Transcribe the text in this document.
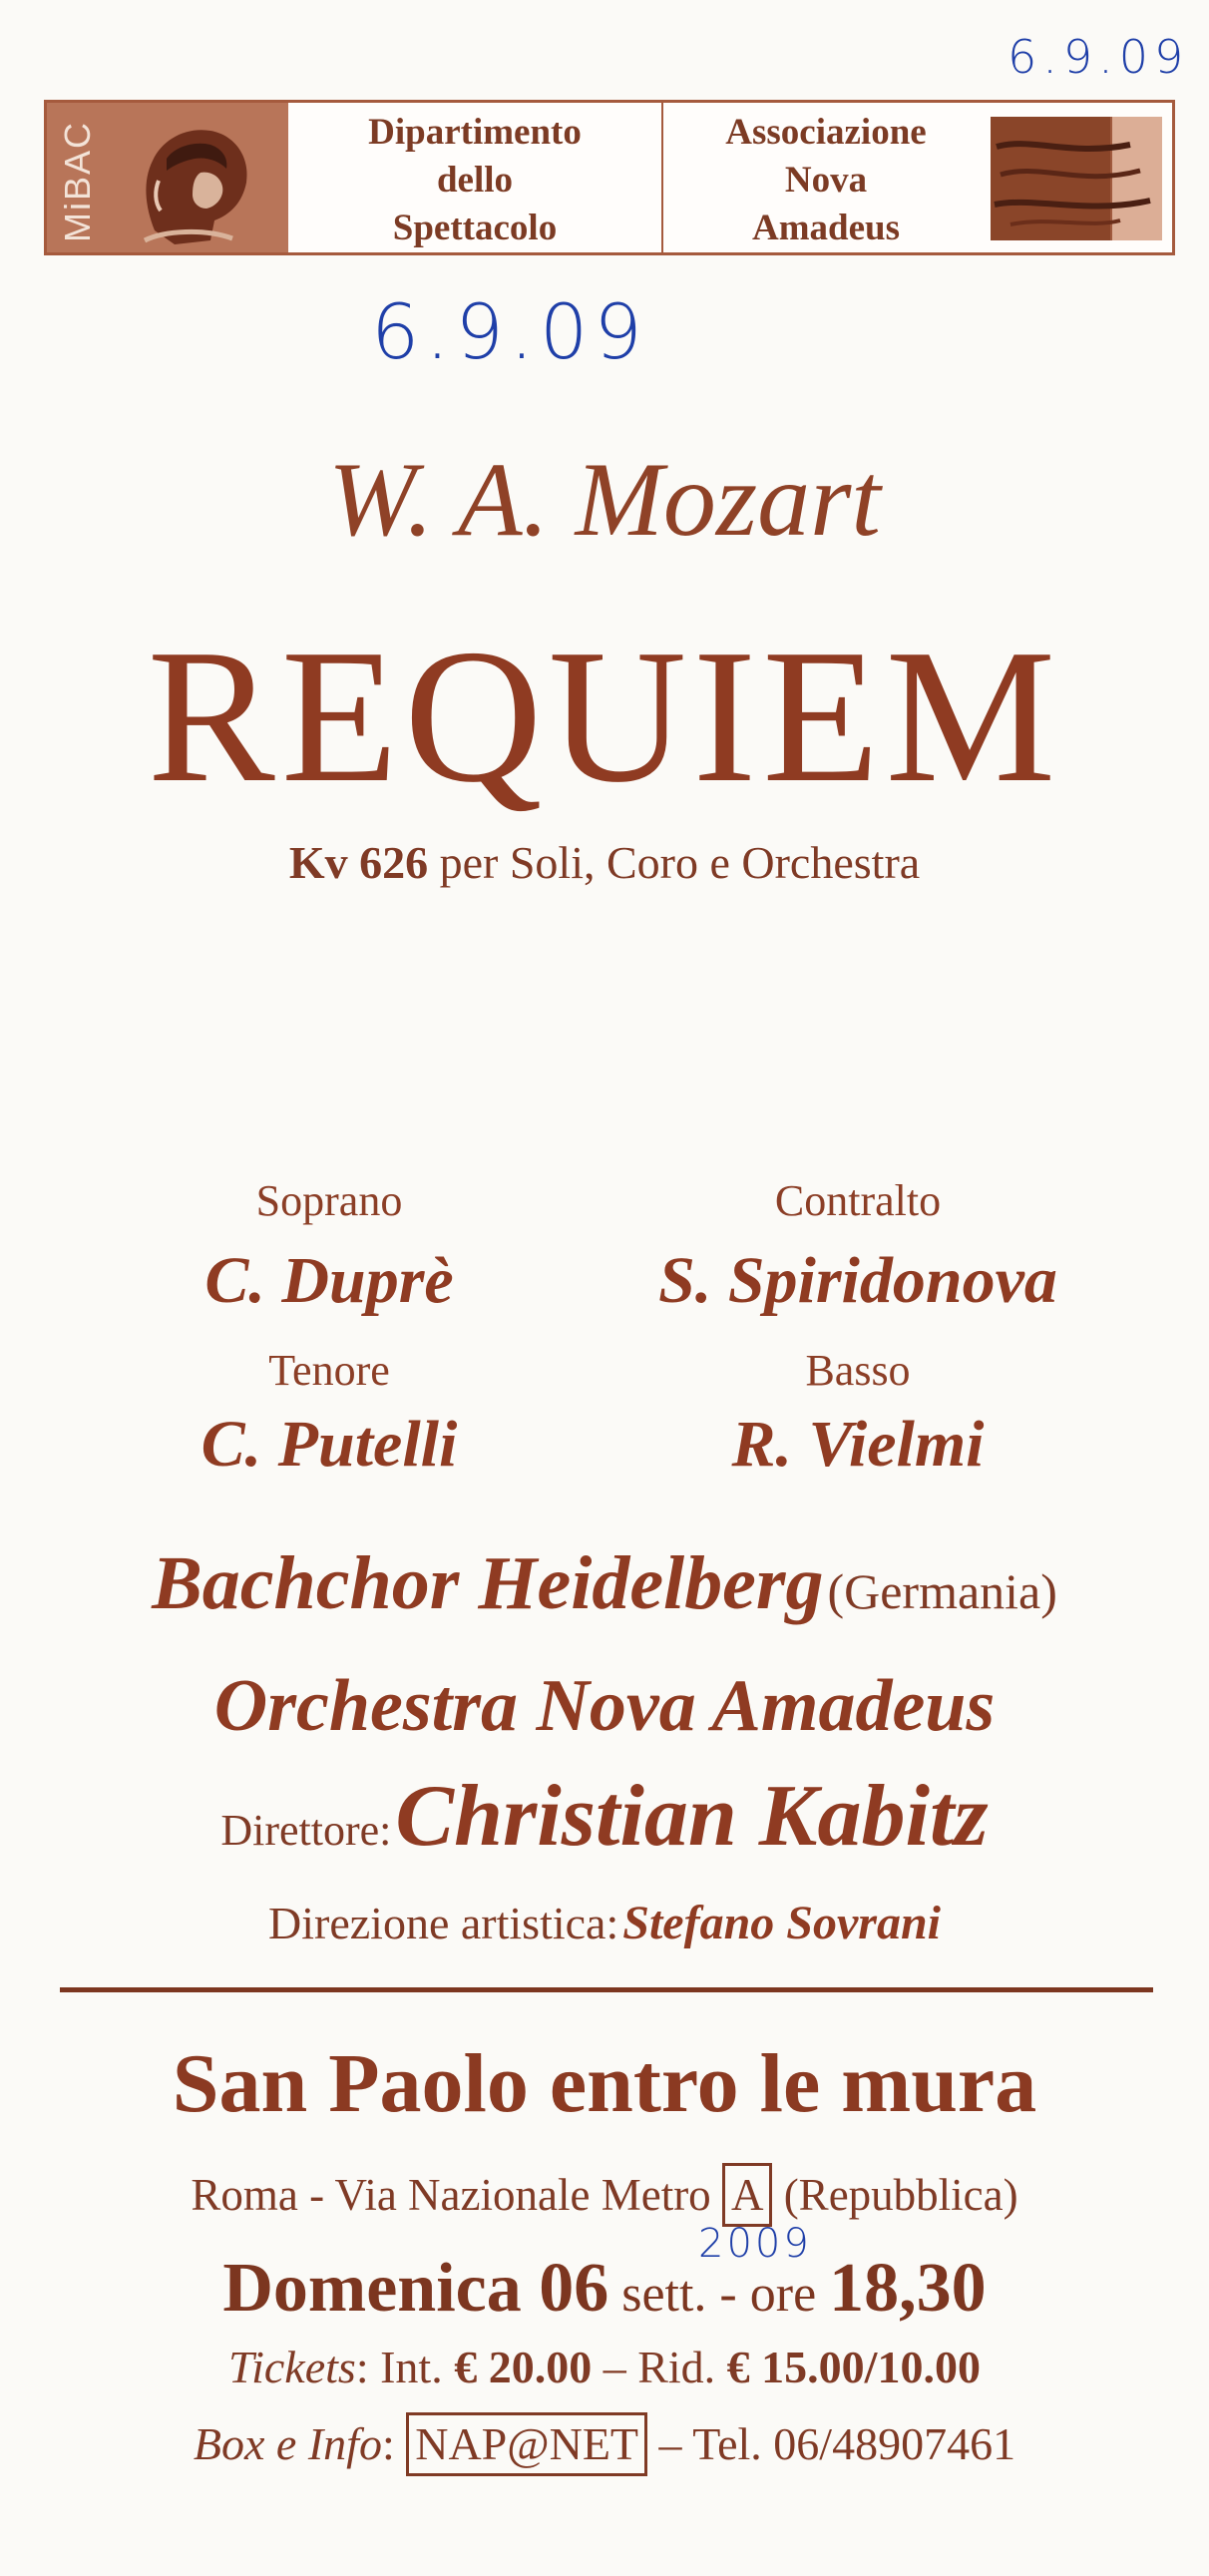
6.9.09
MiBAC	Dipartimento
dello
Spettacolo
Associazione
Nova
Amadeus
6.9.09
W. A. Mozart
REQUIEM
Kv 626 per Soli, Coro e Orchestra
Soprano
C. Duprè
Contralto
S. Spiridonova
Tenore
C. Putelli
Basso
R. Vielmi
Bachchor Heidelberg (Germania)
Orchestra Nova Amadeus
Direttore: Christian Kabitz
Direzione artistica: Stefano Sovrani
San Paolo entro le mura
Roma - Via Nazionale Metro A (Repubblica)
2009
Domenica 06 sett. - ore 18,30
Tickets: Int. € 20.00 – Rid. € 15.00/10.00
Box e Info: NAP@NET – Tel. 06/48907461
